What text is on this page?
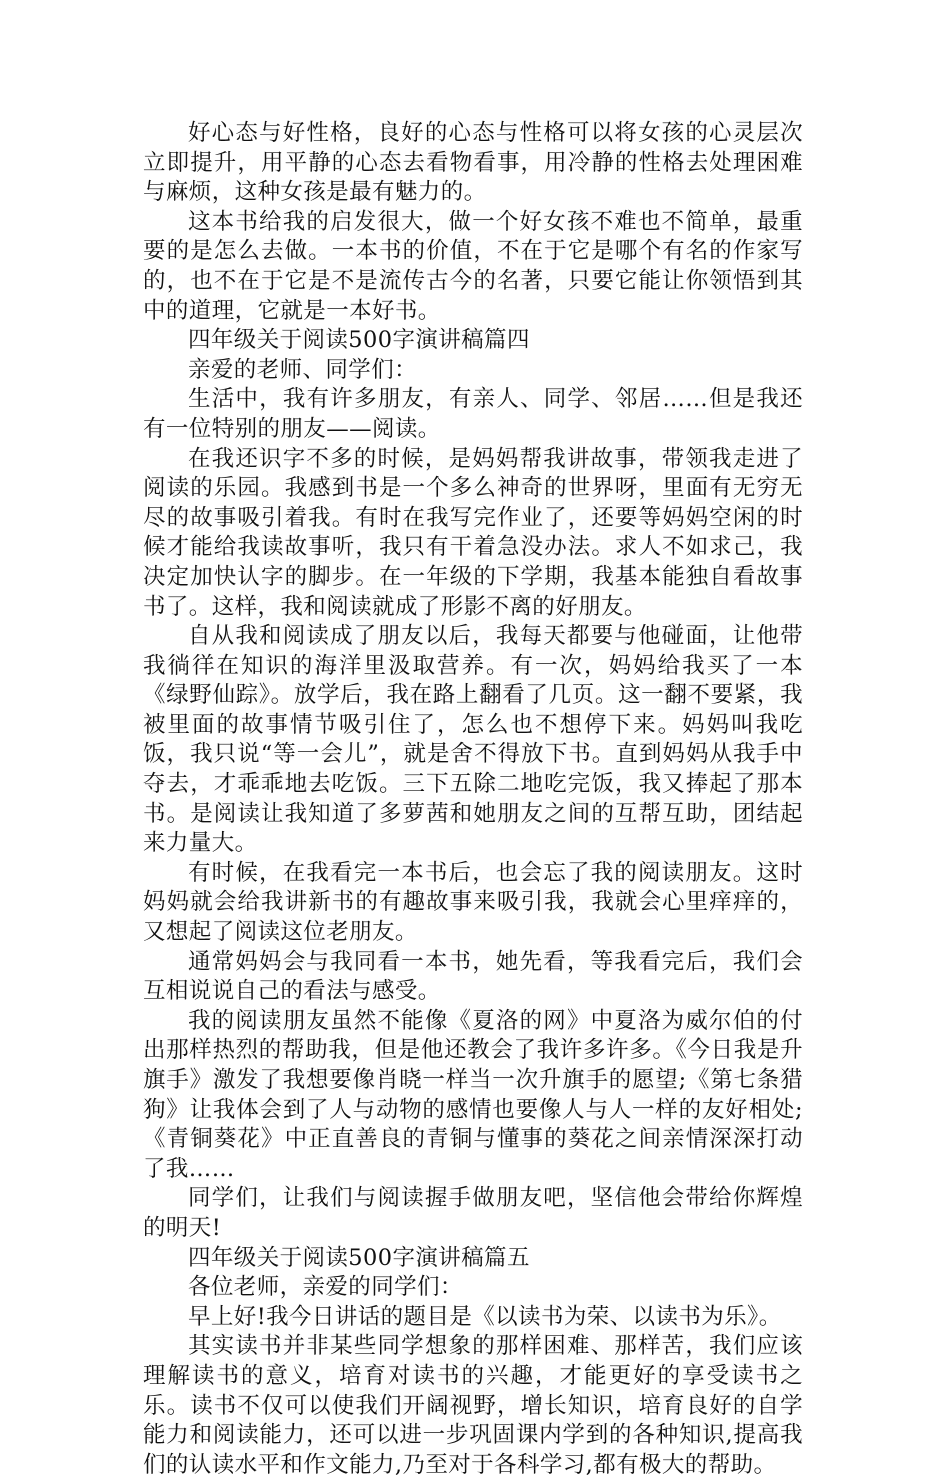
好心态与好性格，良好的心态与性格可以将女孩的心灵层次立即提升，用平静的心态去看物看事，用冷静的性格去处理困难与麻烦，这种女孩是最有魅力的。

这本书给我的启发很大，做一个好女孩不难也不简单，最重要的是怎么去做。一本书的价值，不在于它是哪个有名的作家写的，也不在于它是不是流传古今的名著，只要它能让你领悟到其中的道理，它就是一本好书。

四年级关于阅读500字演讲稿篇四

亲爱的老师、同学们：

生活中，我有许多朋友，有亲人、同学、邻居……但是我还有一位特别的朋友——阅读。

在我还识字不多的时候，是妈妈帮我讲故事，带领我走进了阅读的乐园。我感到书是一个多么神奇的世界呀，里面有无穷无尽的故事吸引着我。有时在我写完作业了，还要等妈妈空闲的时候才能给我读故事听，我只有干着急没办法。求人不如求己，我决定加快认字的脚步。在一年级的下学期，我基本能独自看故事书了。这样，我和阅读就成了形影不离的好朋友。

自从我和阅读成了朋友以后，我每天都要与他碰面，让他带我徜徉在知识的海洋里汲取营养。有一次，妈妈给我买了一本《绿野仙踪》。放学后，我在路上翻看了几页。这一翻不要紧，我被里面的故事情节吸引住了，怎么也不想停下来。妈妈叫我吃饭，我只说“等一会儿”，就是舍不得放下书。直到妈妈从我手中夺去，才乖乖地去吃饭。三下五除二地吃完饭，我又捧起了那本书。是阅读让我知道了多萝茜和她朋友之间的互帮互助，团结起来力量大。

有时候，在我看完一本书后，也会忘了我的阅读朋友。这时妈妈就会给我讲新书的有趣故事来吸引我，我就会心里痒痒的，又想起了阅读这位老朋友。

通常妈妈会与我同看一本书，她先看，等我看完后，我们会互相说说自己的看法与感受。

我的阅读朋友虽然不能像《夏洛的网》中夏洛为威尔伯的付出那样热烈的帮助我，但是他还教会了我许多许多。《今日我是升旗手》激发了我想要像肖晓一样当一次升旗手的愿望;《第七条猎狗》让我体会到了人与动物的感情也要像人与人一样的友好相处;《青铜葵花》中正直善良的青铜与懂事的葵花之间亲情深深打动了我……

同学们，让我们与阅读握手做朋友吧，坚信他会带给你辉煌的明天!

四年级关于阅读500字演讲稿篇五

各位老师，亲爱的同学们：

早上好!我今日讲话的题目是《以读书为荣、以读书为乐》。

其实读书并非某些同学想象的那样困难、那样苦，我们应该理解读书的意义，培育对读书的兴趣，才能更好的享受读书之乐。读书不仅可以使我们开阔视野，增长知识，培育良好的自学能力和阅读能力，还可以进一步巩固课内学到的各种知识,提高我们的认读水平和作文能力,乃至对于各科学习,都有极大的帮助。
